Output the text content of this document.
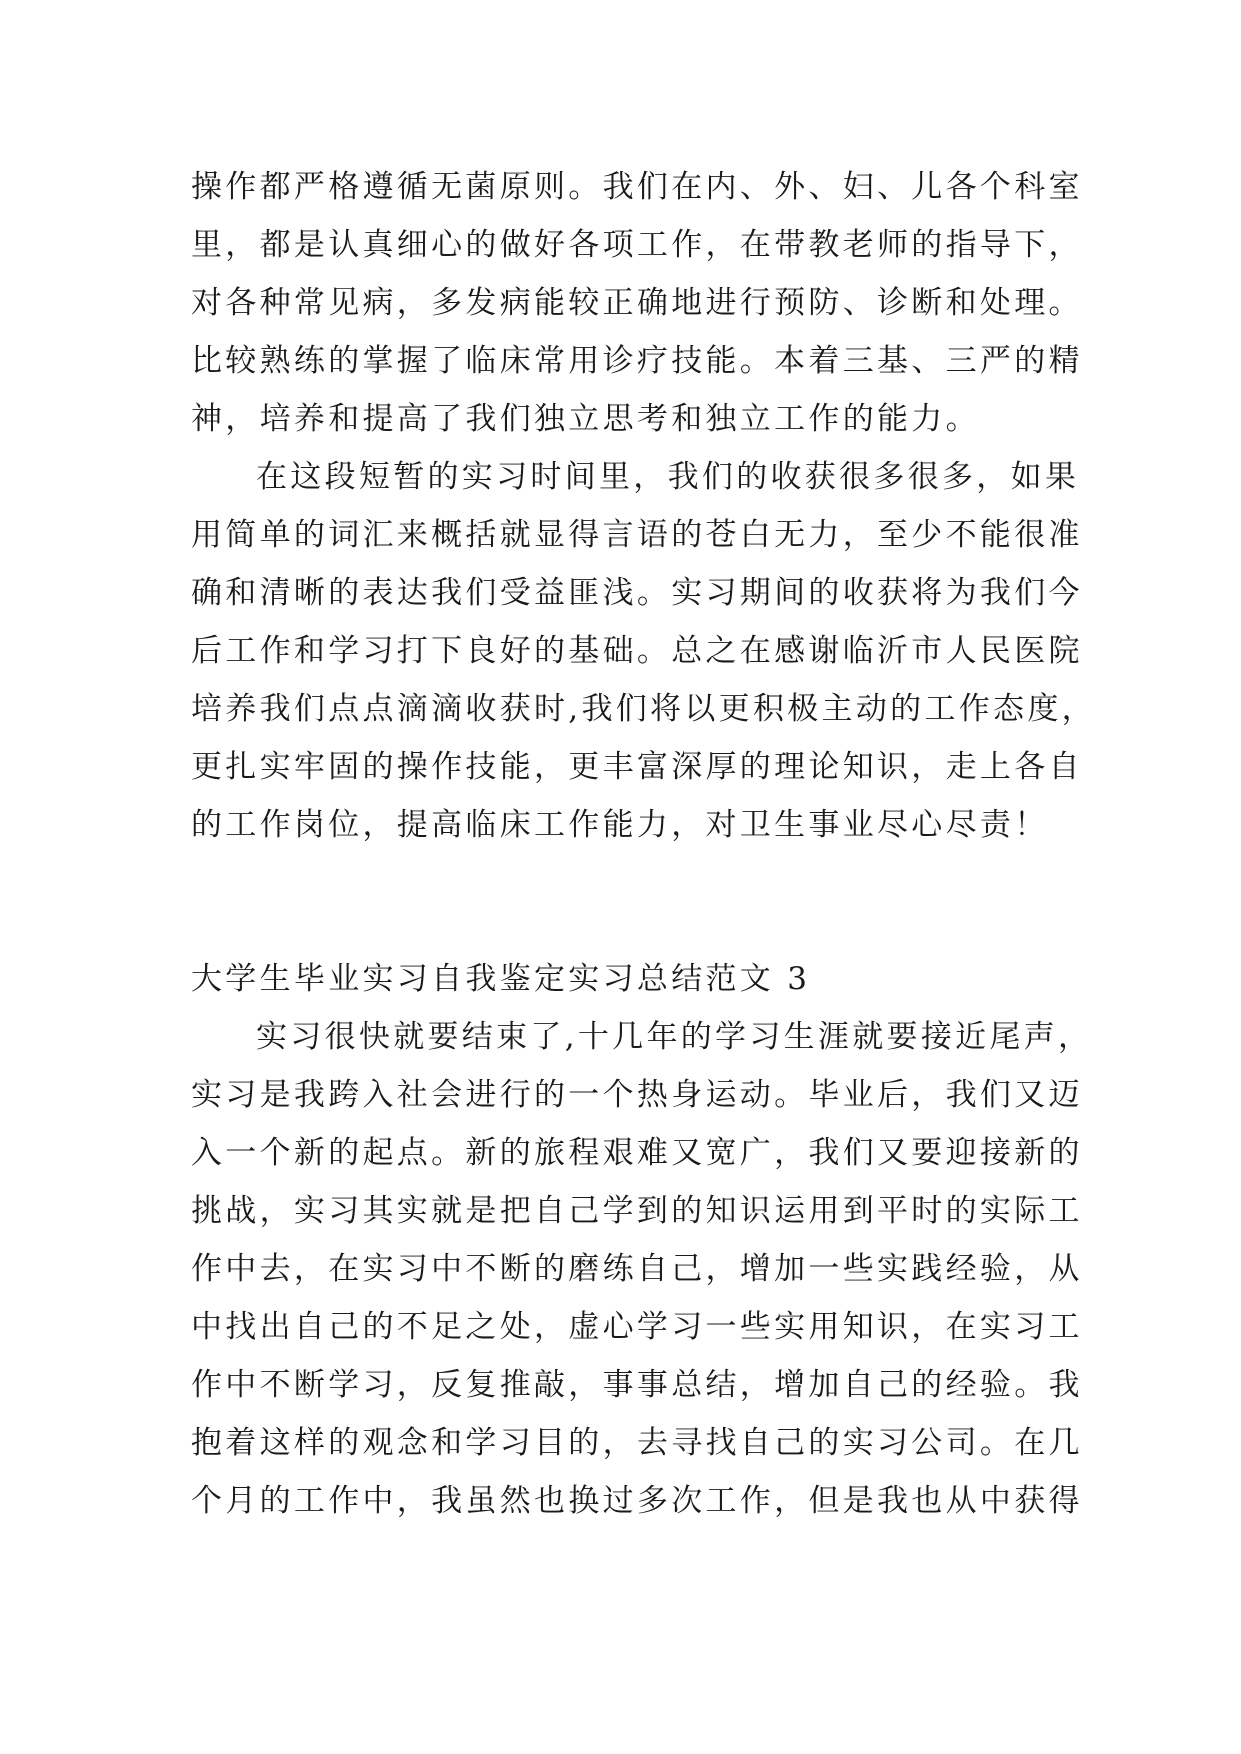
操作都严格遵循无菌原则。我们在内、外、妇、儿各个科室
里，都是认真细心的做好各项工作，在带教老师的指导下，
对各种常见病，多发病能较正确地进行预防、诊断和处理。
比较熟练的掌握了临床常用诊疗技能。本着三基、三严的精
神，培养和提高了我们独立思考和独立工作的能力。
在这段短暂的实习时间里，我们的收获很多很多，如果
用简单的词汇来概括就显得言语的苍白无力，至少不能很准
确和清晰的表达我们受益匪浅。实习期间的收获将为我们今
后工作和学习打下良好的基础。总之在感谢临沂市人民医院
培养我们点点滴滴收获时,我们将以更积极主动的工作态度，
更扎实牢固的操作技能，更丰富深厚的理论知识，走上各自
的工作岗位，提高临床工作能力，对卫生事业尽心尽责！
大学生毕业实习自我鉴定实习总结范文 3
实习很快就要结束了,十几年的学习生涯就要接近尾声，
实习是我跨入社会进行的一个热身运动。毕业后，我们又迈
入一个新的起点。新的旅程艰难又宽广，我们又要迎接新的
挑战，实习其实就是把自己学到的知识运用到平时的实际工
作中去，在实习中不断的磨练自己，增加一些实践经验，从
中找出自己的不足之处，虚心学习一些实用知识，在实习工
作中不断学习，反复推敲，事事总结，增加自己的经验。我
抱着这样的观念和学习目的，去寻找自己的实习公司。在几
个月的工作中，我虽然也换过多次工作，但是我也从中获得
